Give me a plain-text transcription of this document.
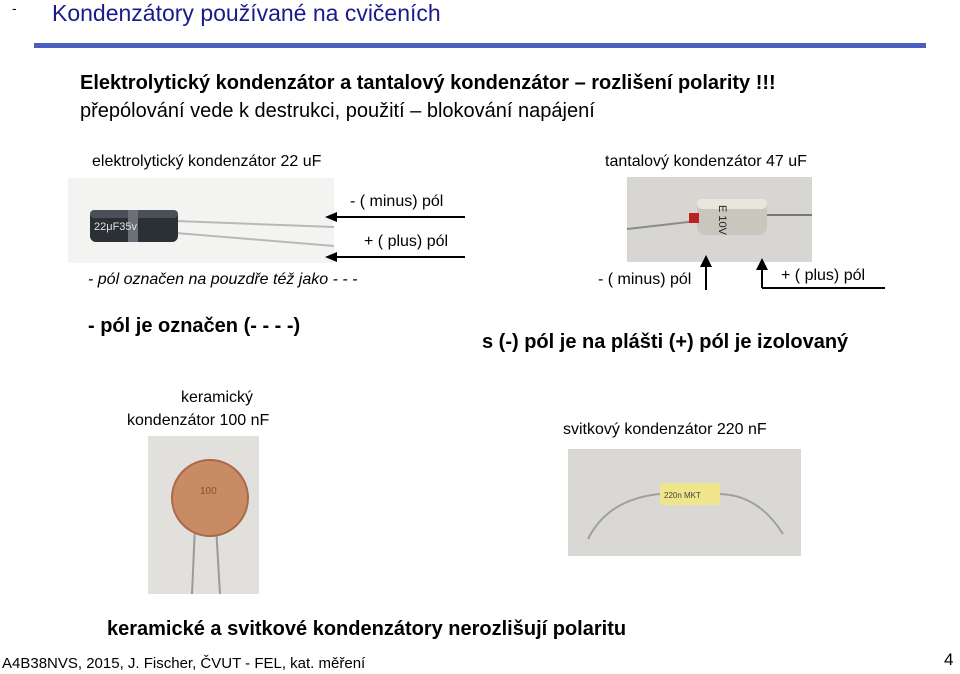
- Kondenzátory používané na cvičeních
Elektrolytický kondenzátor a tantalový kondenzátor – rozlišení polarity !!!
přepólování vede k destrukci, použití – blokování napájení
elektrolytický kondenzátor 22 uF
22μF35v
- ( minus) pól
+ ( plus) pól
- pól označen na pouzdře též jako - - -
- pól je označen (- - - -)
tantalový kondenzátor 47 uF
E 10V
- ( minus) pól	+ ( plus) pól
s (-) pól je na plášti (+) pól je izolovaný
keramický
kondenzátor 100 nF
100
svitkový kondenzátor 220 nF
220n MKT
keramické a svitkové kondenzátory nerozlišují polaritu
A4B38NVS, 2015, J. Fischer, ČVUT - FEL, kat. měření	4
